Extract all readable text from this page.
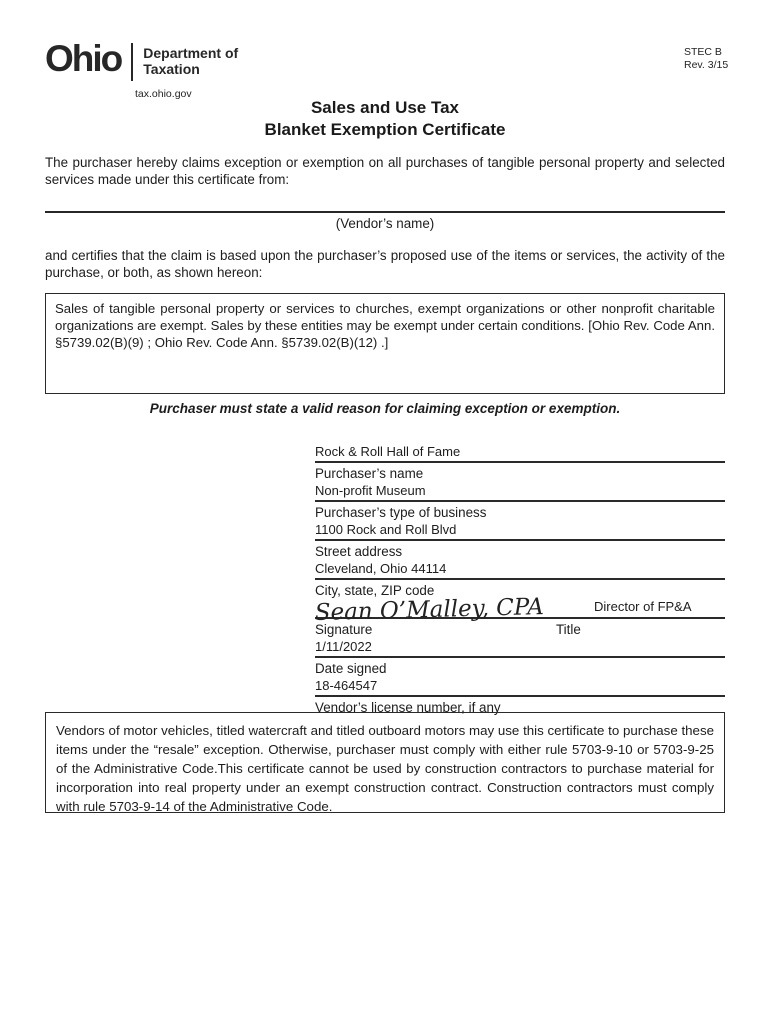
Ohio Department of
Taxation
tax.ohio.gov
STEC B
Rev. 3/15
Sales and Use Tax
Blanket Exemption Certificate
The purchaser hereby claims exception or exemption on all purchases of tangible personal property and selected services made under this certificate from:
(Vendor’s name)
and certifies that the claim is based upon the purchaser’s proposed use of the items or services, the activity of the purchase, or both, as shown hereon:
Sales of tangible personal property or services to churches, exempt organizations or other nonprofit charitable organizations are exempt. Sales by these entities may be exempt under certain conditions. [Ohio Rev. Code Ann. §5739.02(B)(9) ; Ohio Rev. Code Ann. §5739.02(B)(12) .]
Purchaser must state a valid reason for claiming exception or exemption.
Rock & Roll Hall of Fame
Purchaser’s name
Non-profit Museum
Purchaser’s type of business
1100 Rock and Roll Blvd
Street address
Cleveland, Ohio 44114
City, state, ZIP code
Sean O’Malley, CPA	Director of FP&A
Signature	Title
1/11/2022
Date signed
18-464547
Vendor’s license number, if any
Vendors of motor vehicles, titled watercraft and titled outboard motors may use this certificate to purchase these items under the “resale” exception. Otherwise, purchaser must comply with either rule 5703-9-10 or 5703-9-25 of the Administrative Code.This certificate cannot be used by construction contractors to purchase material for incorporation into real property under an exempt construction contract. Construction contractors must comply with rule 5703-9-14 of the Administrative Code.
